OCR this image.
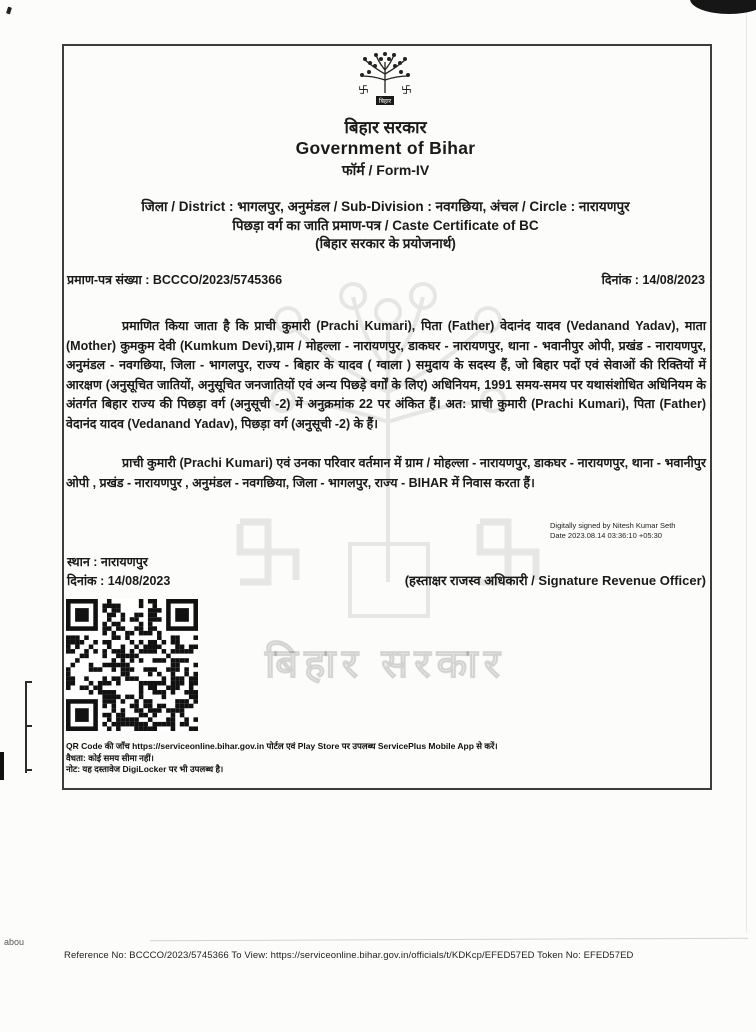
बिहार सरकार
बिहार
बिहार सरकार
Government of Bihar
फॉर्म / Form-IV
जिला / District : भागलपुर, अनुमंडल / Sub-Division : नवगछिया, अंचल / Circle : नारायणपुर
पिछड़ा वर्ग का जाति प्रमाण-पत्र / Caste Certificate of BC
(बिहार सरकार के प्रयोजनार्थ)
प्रमाण-पत्र संख्या : BCCCO/2023/5745366	दिनांक : 14/08/2023
प्रमाणित किया जाता है कि प्राची कुमारी (Prachi Kumari), पिता (Father) वेदानंद यादव (Vedanand Yadav), माता (Mother) कुमकुम देवी (Kumkum Devi),ग्राम / मोहल्ला - नारायणपुर, डाकघर - नारायणपुर, थाना - भवानीपुर ओपी, प्रखंड - नारायणपुर, अनुमंडल - नवगछिया, जिला - भागलपुर, राज्य - बिहार के यादव ( ग्वाला ) समुदाय के सदस्य हैं, जो बिहार पदों एवं सेवाओं की रिक्तियों में आरक्षण (अनुसूचित जातियों, अनुसूचित जनजातियों एवं अन्य पिछड़े वर्गों के लिए) अधिनियम, 1991 समय-समय पर यथासंशोधित अधिनियम के अंतर्गत बिहार राज्य की पिछड़ा वर्ग (अनुसूची -2) में अनुक्रमांक 22 पर अंकित हैं। अत: प्राची कुमारी (Prachi Kumari), पिता (Father) वेदानंद यादव (Vedanand Yadav), पिछड़ा वर्ग (अनुसूची -2) के हैं।
प्राची कुमारी (Prachi Kumari) एवं उनका परिवार वर्तमान में ग्राम / मोहल्ला - नारायणपुर, डाकघर - नारायणपुर, थाना - भवानीपुर ओपी , प्रखंड - नारायणपुर , अनुमंडल - नवगछिया, जिला - भागलपुर, राज्य - BIHAR में निवास करता हैं।
Digitally signed by Nitesh Kumar Seth
Date 2023.08.14 03:36:10 +05:30
स्थान : नारायणपुर
दिनांक : 14/08/2023	(हस्ताक्षर राजस्व अधिकारी / Signature Revenue Officer)
QR Code की जाँच https://serviceonline.bihar.gov.in पोर्टल एवं Play Store पर उपलब्ध ServicePlus Mobile App से करें।
वैधता: कोई समय सीमा नहीं।
नोट: यह दस्तावेज DigiLocker पर भी उपलब्ध है।
abou
Reference No: BCCCO/2023/5745366 To View: https://serviceonline.bihar.gov.in/officials/t/KDKcp/EFED57ED Token No: EFED57ED
